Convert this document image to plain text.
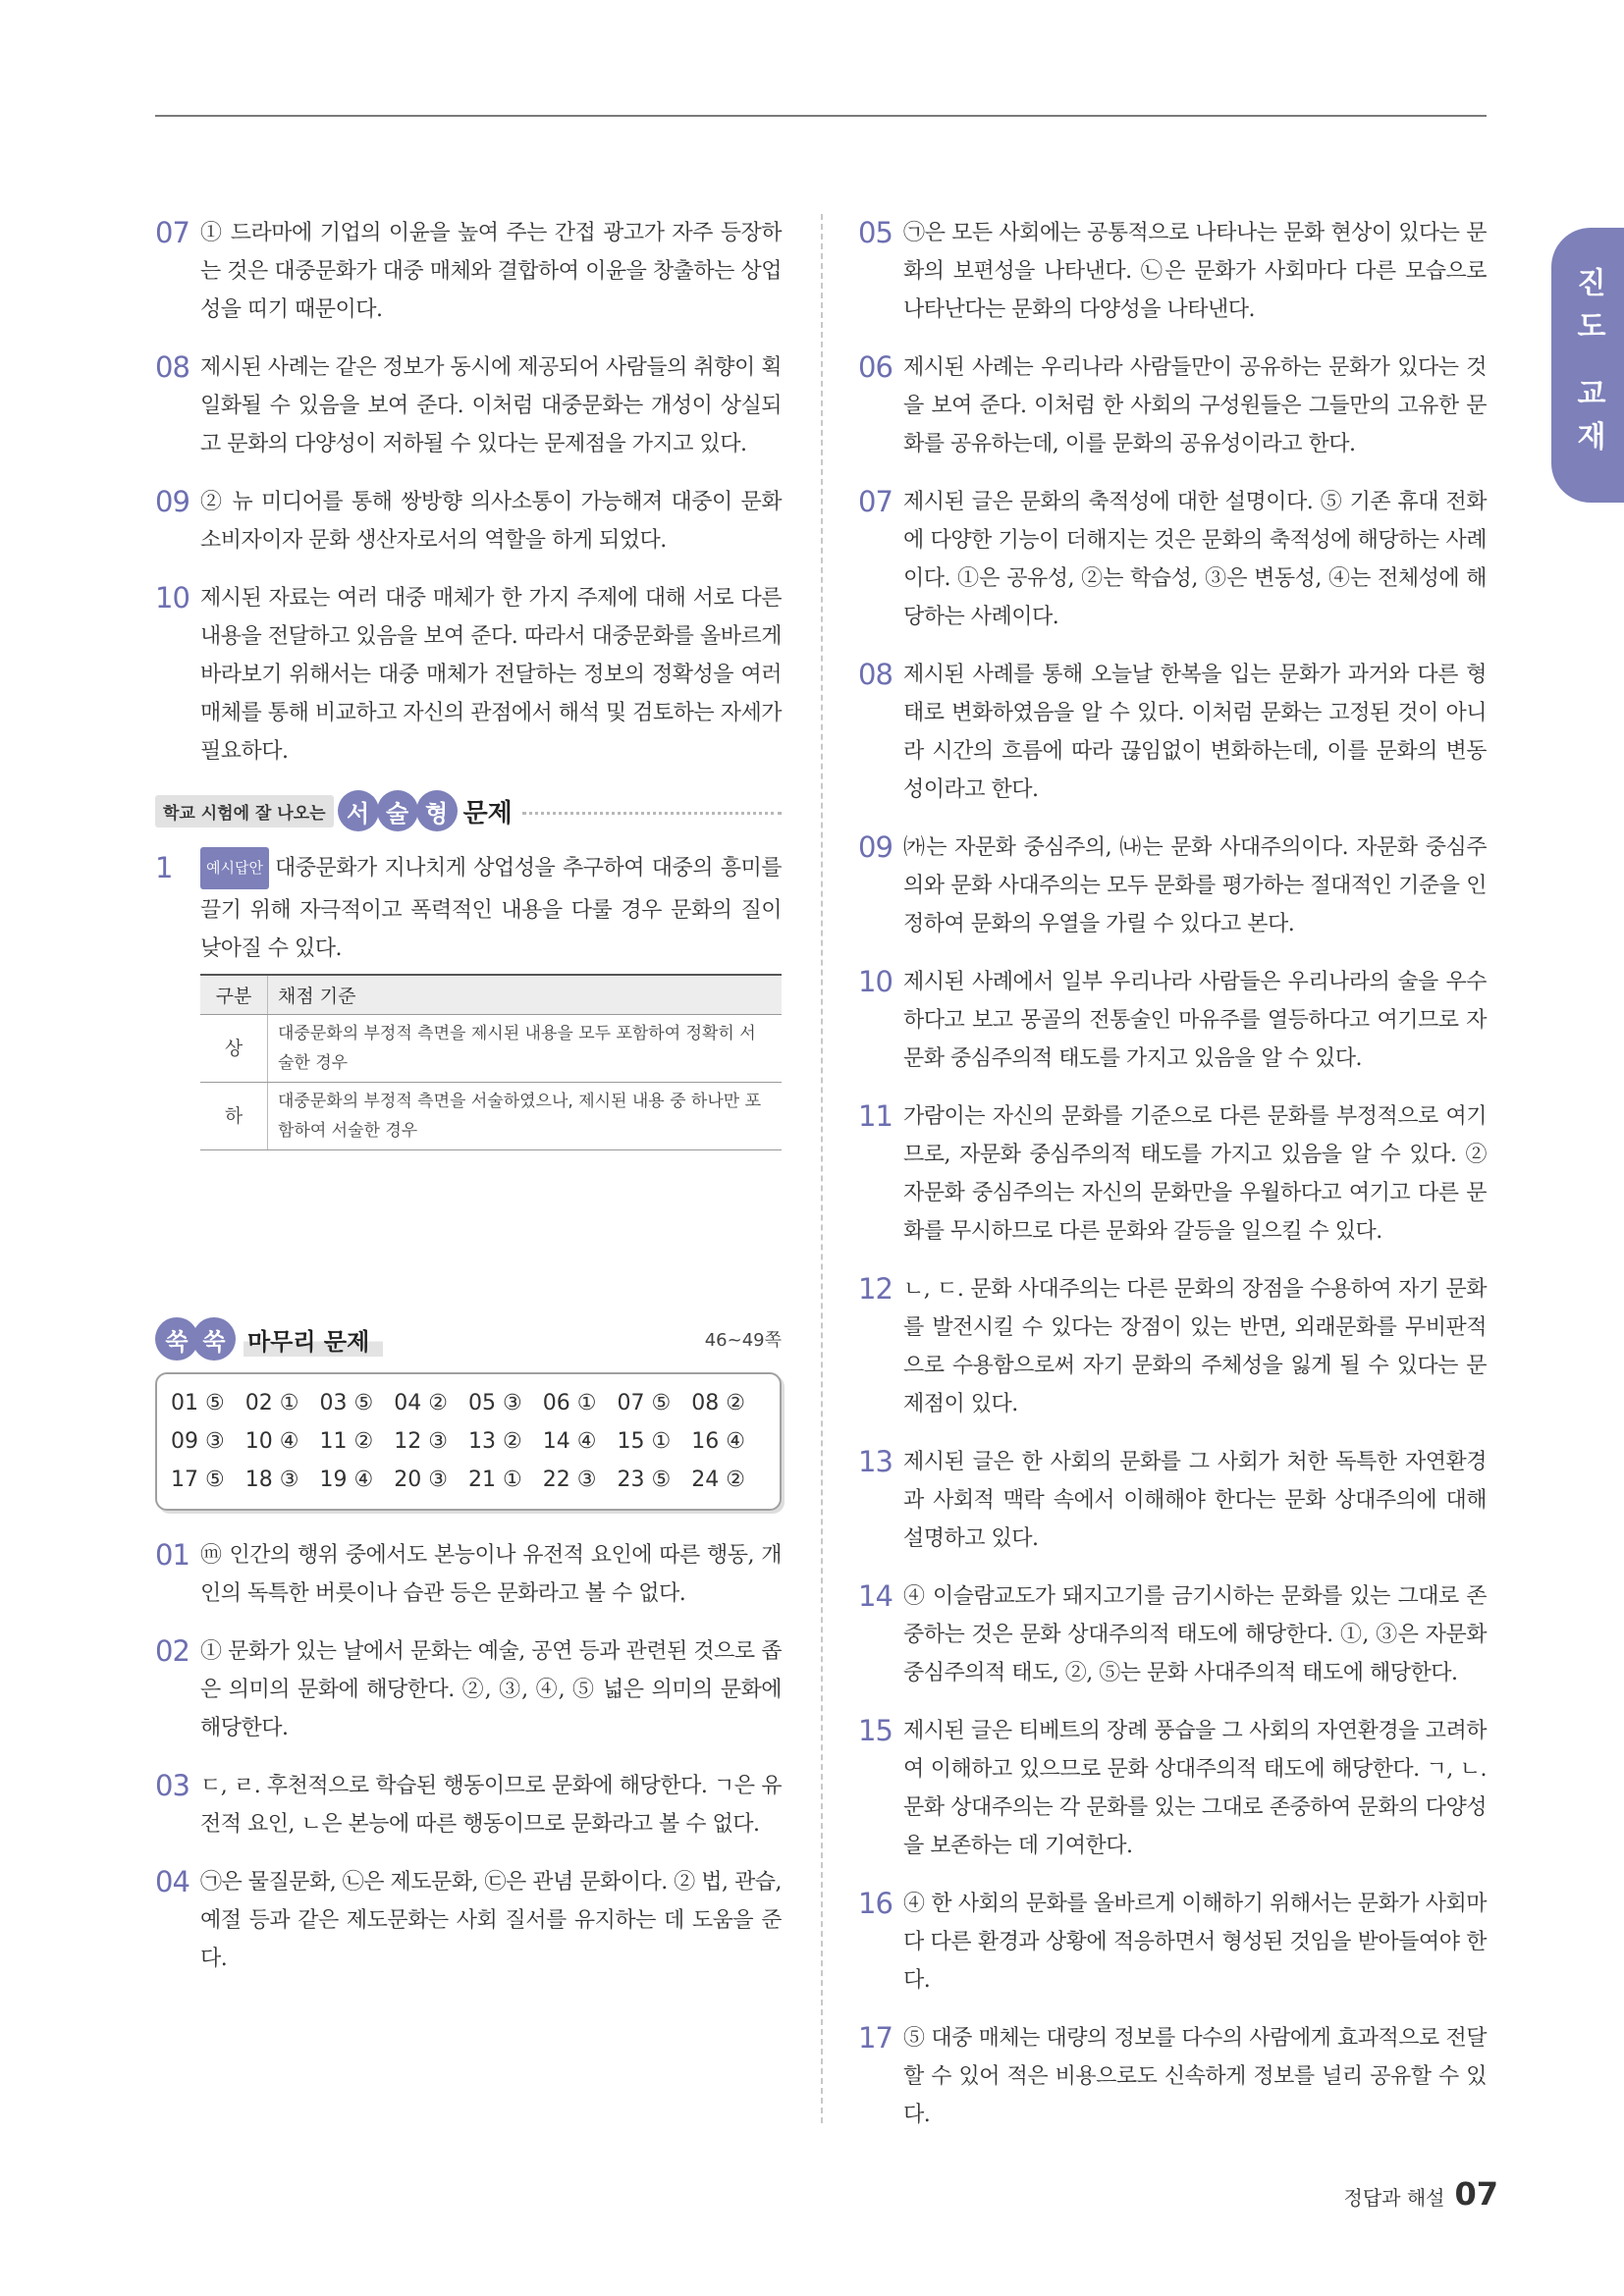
진도 교재
07 ① 드라마에 기업의 이윤을 높여 주는 간접 광고가 자주 등장하는 것은 대중문화가 대중 매체와 결합하여 이윤을 창출하는 상업성을 띠기 때문이다.
08 제시된 사례는 같은 정보가 동시에 제공되어 사람들의 취향이 획일화될 수 있음을 보여 준다. 이처럼 대중문화는 개성이 상실되고 문화의 다양성이 저하될 수 있다는 문제점을 가지고 있다.
09 ② 뉴 미디어를 통해 쌍방향 의사소통이 가능해져 대중이 문화 소비자이자 문화 생산자로서의 역할을 하게 되었다.
10 제시된 자료는 여러 대중 매체가 한 가지 주제에 대해 서로 다른 내용을 전달하고 있음을 보여 준다. 따라서 대중문화를 올바르게 바라보기 위해서는 대중 매체가 전달하는 정보의 정확성을 여러 매체를 통해 비교하고 자신의 관점에서 해석 및 검토하는 자세가 필요하다.
학교 시험에 잘 나오는 서 술 형 문제
1	예시답안 대중문화가 지나치게 상업성을 추구하여 대중의 흥미를 끌기 위해 자극적이고 폭력적인 내용을 다룰 경우 문화의 질이 낮아질 수 있다.
구분	채점 기준
상	대중문화의 부정적 측면을 제시된 내용을 모두 포함하여 정확히 서술한 경우
하	대중문화의 부정적 측면을 서술하였으나, 제시된 내용 중 하나만 포함하여 서술한 경우
쑥 쑥 마무리 문제	46~49쪽
01 ⑤ 02 ① 03 ⑤ 04 ② 05 ③ 06 ① 07 ⑤ 08 ②
09 ③ 10 ④ 11 ② 12 ③ 13 ② 14 ④ 15 ① 16 ④
17 ⑤ 18 ③ 19 ④ 20 ③ 21 ① 22 ③ 23 ⑤ 24 ②
01 ⓜ 인간의 행위 중에서도 본능이나 유전적 요인에 따른 행동, 개인의 독특한 버릇이나 습관 등은 문화라고 볼 수 없다.
02 ① 문화가 있는 날에서 문화는 예술, 공연 등과 관련된 것으로 좁은 의미의 문화에 해당한다. ②, ③, ④, ⑤ 넓은 의미의 문화에 해당한다.
03 ㄷ, ㄹ. 후천적으로 학습된 행동이므로 문화에 해당한다. ㄱ은 유전적 요인, ㄴ은 본능에 따른 행동이므로 문화라고 볼 수 없다.
04 ㉠은 물질문화, ㉡은 제도문화, ㉢은 관념 문화이다. ② 법, 관습, 예절 등과 같은 제도문화는 사회 질서를 유지하는 데 도움을 준다.
05 ㉠은 모든 사회에는 공통적으로 나타나는 문화 현상이 있다는 문화의 보편성을 나타낸다. ㉡은 문화가 사회마다 다른 모습으로 나타난다는 문화의 다양성을 나타낸다.
06 제시된 사례는 우리나라 사람들만이 공유하는 문화가 있다는 것을 보여 준다. 이처럼 한 사회의 구성원들은 그들만의 고유한 문화를 공유하는데, 이를 문화의 공유성이라고 한다.
07 제시된 글은 문화의 축적성에 대한 설명이다. ⑤ 기존 휴대 전화에 다양한 기능이 더해지는 것은 문화의 축적성에 해당하는 사례이다. ①은 공유성, ②는 학습성, ③은 변동성, ④는 전체성에 해당하는 사례이다.
08 제시된 사례를 통해 오늘날 한복을 입는 문화가 과거와 다른 형태로 변화하였음을 알 수 있다. 이처럼 문화는 고정된 것이 아니라 시간의 흐름에 따라 끊임없이 변화하는데, 이를 문화의 변동성이라고 한다.
09 ㈎는 자문화 중심주의, ㈏는 문화 사대주의이다. 자문화 중심주의와 문화 사대주의는 모두 문화를 평가하는 절대적인 기준을 인정하여 문화의 우열을 가릴 수 있다고 본다.
10 제시된 사례에서 일부 우리나라 사람들은 우리나라의 술을 우수하다고 보고 몽골의 전통술인 마유주를 열등하다고 여기므로 자문화 중심주의적 태도를 가지고 있음을 알 수 있다.
11 가람이는 자신의 문화를 기준으로 다른 문화를 부정적으로 여기므로, 자문화 중심주의적 태도를 가지고 있음을 알 수 있다. ② 자문화 중심주의는 자신의 문화만을 우월하다고 여기고 다른 문화를 무시하므로 다른 문화와 갈등을 일으킬 수 있다.
12 ㄴ, ㄷ. 문화 사대주의는 다른 문화의 장점을 수용하여 자기 문화를 발전시킬 수 있다는 장점이 있는 반면, 외래문화를 무비판적으로 수용함으로써 자기 문화의 주체성을 잃게 될 수 있다는 문제점이 있다.
13 제시된 글은 한 사회의 문화를 그 사회가 처한 독특한 자연환경과 사회적 맥락 속에서 이해해야 한다는 문화 상대주의에 대해 설명하고 있다.
14 ④ 이슬람교도가 돼지고기를 금기시하는 문화를 있는 그대로 존중하는 것은 문화 상대주의적 태도에 해당한다. ①, ③은 자문화 중심주의적 태도, ②, ⑤는 문화 사대주의적 태도에 해당한다.
15 제시된 글은 티베트의 장례 풍습을 그 사회의 자연환경을 고려하여 이해하고 있으므로 문화 상대주의적 태도에 해당한다. ㄱ, ㄴ. 문화 상대주의는 각 문화를 있는 그대로 존중하여 문화의 다양성을 보존하는 데 기여한다.
16 ④ 한 사회의 문화를 올바르게 이해하기 위해서는 문화가 사회마다 다른 환경과 상황에 적응하면서 형성된 것임을 받아들여야 한다.
17 ⑤ 대중 매체는 대량의 정보를 다수의 사람에게 효과적으로 전달할 수 있어 적은 비용으로도 신속하게 정보를 널리 공유할 수 있다.
정답과 해설 07
